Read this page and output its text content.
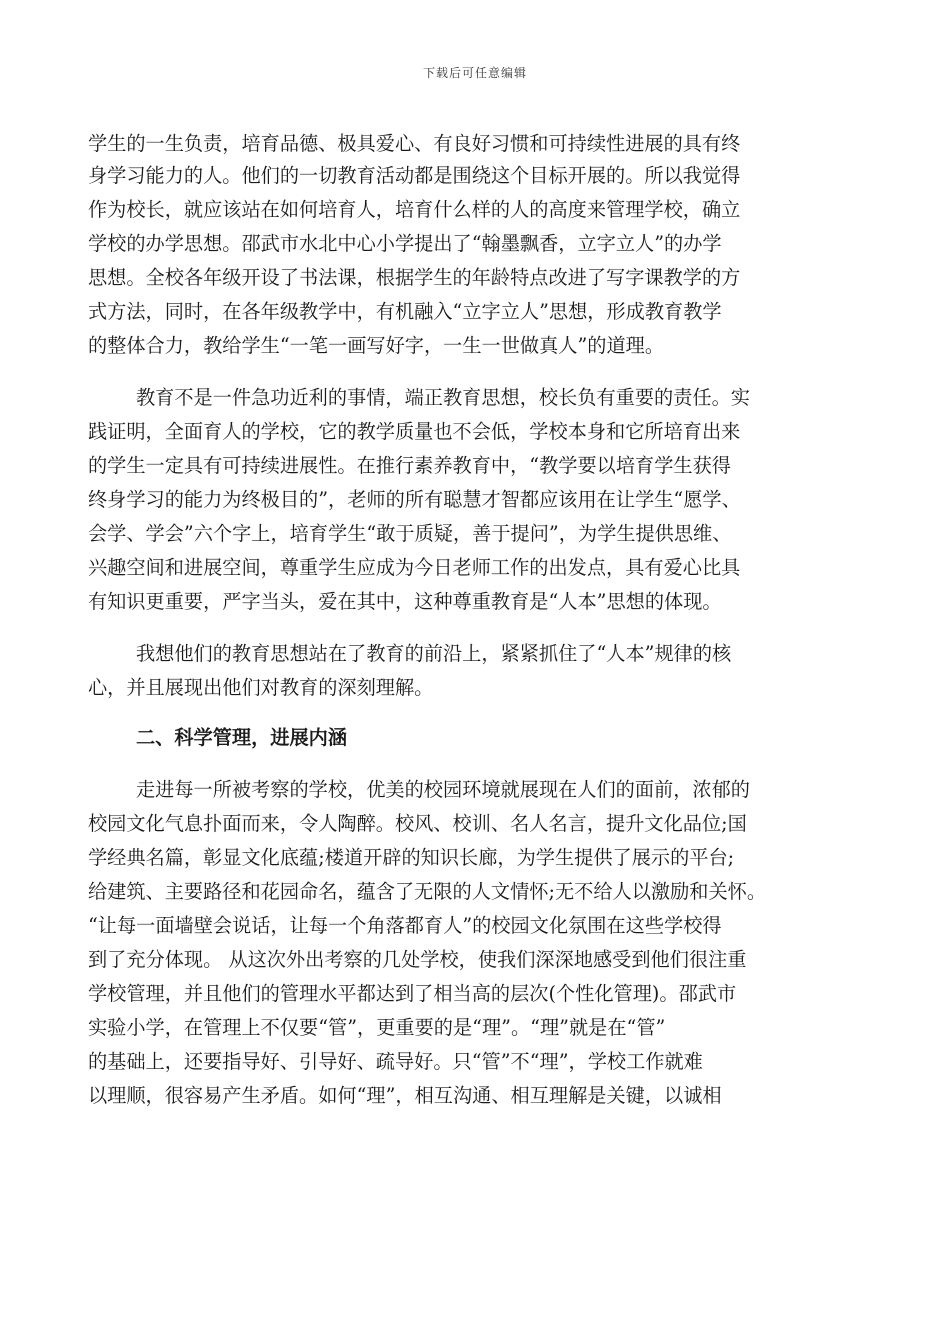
下载后可任意编辑
学生的一生负责，培育品德、极具爱心、有良好习惯和可持续性进展的具有终
身学习能力的人。他们的一切教育活动都是围绕这个目标开展的。所以我觉得
作为校长，就应该站在如何培育人，培育什么样的人的高度来管理学校，确立
学校的办学思想。邵武市水北中心小学提出了“翰墨飘香，立字立人”的办学
思想。全校各年级开设了书法课，根据学生的年龄特点改进了写字课教学的方
式方法，同时，在各年级教学中，有机融入“立字立人”思想，形成教育教学
的整体合力，教给学生“一笔一画写好字，一生一世做真人”的道理。
教育不是一件急功近利的事情，端正教育思想，校长负有重要的责任。实
践证明，全面育人的学校，它的教学质量也不会低，学校本身和它所培育出来
的学生一定具有可持续进展性。在推行素养教育中，“教学要以培育学生获得
终身学习的能力为终极目的”，老师的所有聪慧才智都应该用在让学生“愿学、
会学、学会”六个字上，培育学生“敢于质疑，善于提问”，为学生提供思维、
兴趣空间和进展空间，尊重学生应成为今日老师工作的出发点，具有爱心比具
有知识更重要，严字当头，爱在其中，这种尊重教育是“人本”思想的体现。
我想他们的教育思想站在了教育的前沿上，紧紧抓住了“人本”规律的核
心，并且展现出他们对教育的深刻理解。
二、科学管理，进展内涵
走进每一所被考察的学校，优美的校园环境就展现在人们的面前，浓郁的
校园文化气息扑面而来，令人陶醉。校风、校训、名人名言，提升文化品位;国
学经典名篇，彰显文化底蕴;楼道开辟的知识长廊，为学生提供了展示的平台;
给建筑、主要路径和花园命名，蕴含了无限的人文情怀;无不给人以激励和关怀。
“让每一面墙壁会说话，让每一个角落都育人”的校园文化氛围在这些学校得
到了充分体现。 从这次外出考察的几处学校，使我们深深地感受到他们很注重
学校管理，并且他们的管理水平都达到了相当高的层次(个性化管理)。邵武市
实验小学，在管理上不仅要“管”，更重要的是“理”。“理”就是在“管”
的基础上，还要指导好、引导好、疏导好。只“管”不“理”，学校工作就难
以理顺，很容易产生矛盾。如何“理”，相互沟通、相互理解是关键，以诚相
